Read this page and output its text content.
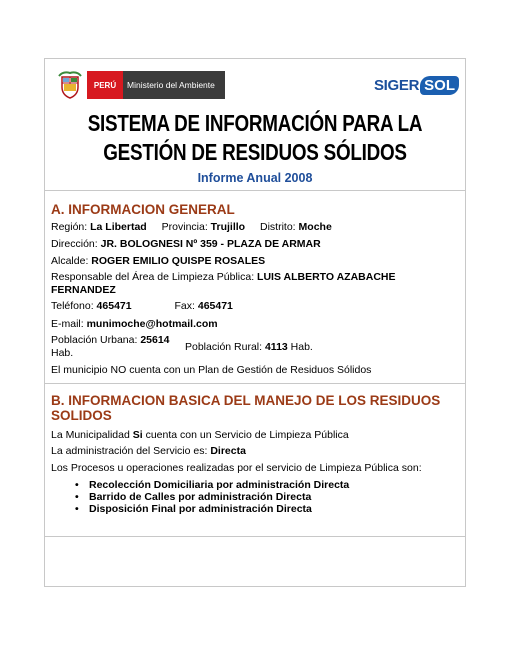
PERÚ	Ministerio del Ambiente	SIGER SOL
SISTEMA DE INFORMACIÓN PARA LA
GESTIÓN DE RESIDUOS SÓLIDOS
Informe Anual 2008
A. INFORMACION GENERAL
Región: La Libertad Provincia: Trujillo Distrito: Moche
Dirección: JR. BOLOGNESI Nº 359 - PLAZA DE ARMAR
Alcalde: ROGER EMILIO QUISPE ROSALES
Responsable del Área de Limpieza Pública: LUIS ALBERTO AZABACHE FERNANDEZ
Teléfono: 465471	Fax: 465471
E-mail: munimoche@hotmail.com
Población Urbana: 25614 Hab.	Población Rural: 4113 Hab.
El municipio NO cuenta con un Plan de Gestión de Residuos Sólidos
B. INFORMACION BASICA DEL MANEJO DE LOS RESIDUOS
SOLIDOS
La Municipalidad Si cuenta con un Servicio de Limpieza Pública
La administración del Servicio es: Directa
Los Procesos u operaciones realizadas por el servicio de Limpieza Pública son:
• Recolección Domiciliaria por administración Directa
• Barrido de Calles por administración Directa
• Disposición Final por administración Directa
